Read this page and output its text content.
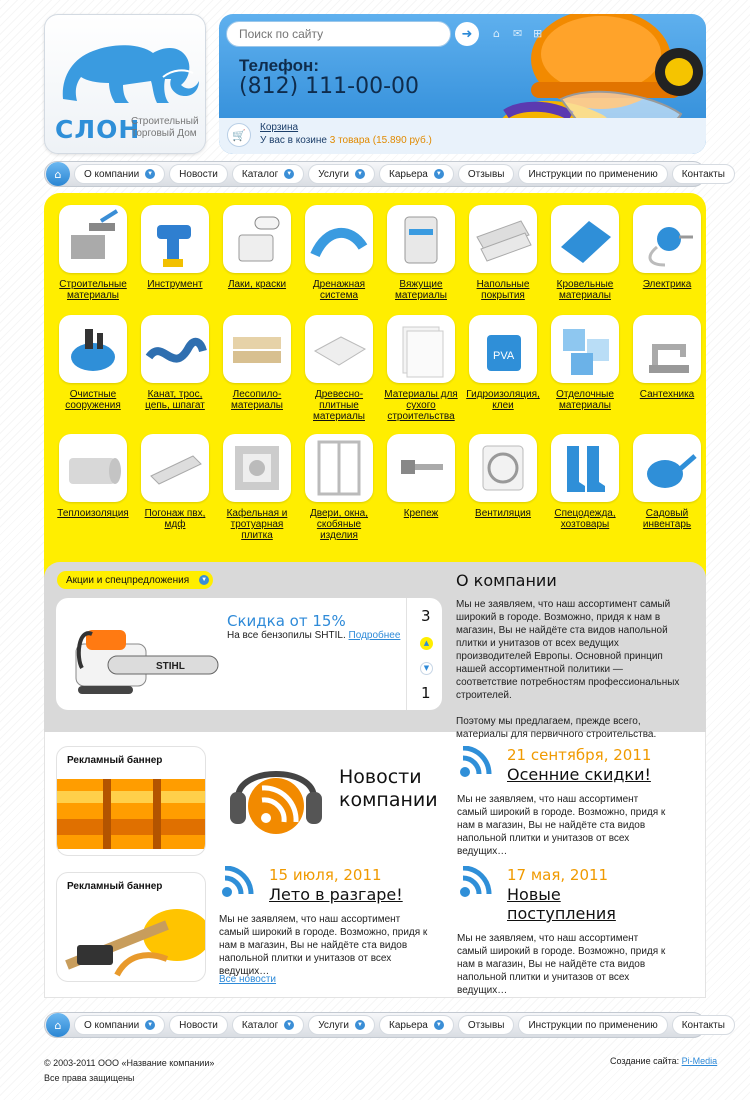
СЛОН
Строительный
Торговый Дом
Поиск по сайту
➜ ⌂ ✉ ⊞
Телефон:
(812) 111-00-00
🛒
Корзина
У вас в козине 3 товара (15.890 руб.)
⌂ О компании	▼	Новости Каталог	▼	Услуги	▼	Карьера	▼	Отзывы Инструкции по применению Контакты
Строительные материалы
Инструмент	Лаки, краски	Дренажная система
Вяжущие материалы
Напольные покрытия
Кровельные материалы
Электрика
Очистные сооружения
Канат, трос, цепь, шпагат
Лесопило-материалы
Древесно-плитные материалы
Материалы для сухого строительства
PVA
Гидроизоляция, клеи
Отделочные материалы
Сантехника
Теплоизоляция	Погонаж пвх, мдф
Кафельная и тротуарная плитка
Двери, окна, скобяные изделия
Крепеж	Вентиляция	Спецодежда, хозтовары
Садовый инвентарь
Акции и спецпредложения	▼
STIHL
Скидка от 15%
На все бензопилы SHTIL. Подробнее
3
▲
▼
1
О компании
Мы не заявляем, что наш ассортимент самый широкий в городе. Возможно, придя к нам в магазин, Вы не найдёте ста видов напольной плитки и унитазов от всех ведущих производителей Европы. Основной принцип нашей ассортиментной политики — соответствие потребностям профессиональных строителей.
Поэтому мы предлагаем, прежде всего, материалы для первичного строительства.
Рекламный баннер
Рекламный баннер
Новости
компании
21 сентября, 2011
Осенние скидки!
Мы не заявляем, что наш ассортимент самый широкий в городе. Возможно, придя к нам в магазин, Вы не найдёте ста видов напольной плитки и унитазов от всех ведущих…
15 июля, 2011
Лето в разгаре!
Мы не заявляем, что наш ассортимент самый широкий в городе. Возможно, придя к нам в магазин, Вы не найдёте ста видов напольной плитки и унитазов от всех ведущих…
17 мая, 2011
Новые поступления
Мы не заявляем, что наш ассортимент самый широкий в городе. Возможно, придя к нам в магазин, Вы не найдёте ста видов напольной плитки и унитазов от всех ведущих…
Все новости
⌂ О компании	▼	Новости Каталог	▼	Услуги	▼	Карьера	▼	Отзывы Инструкции по применению Контакты
© 2003-2011 ООО «Название компании»
Все права защищены
Создание сайта: Pi-Media
